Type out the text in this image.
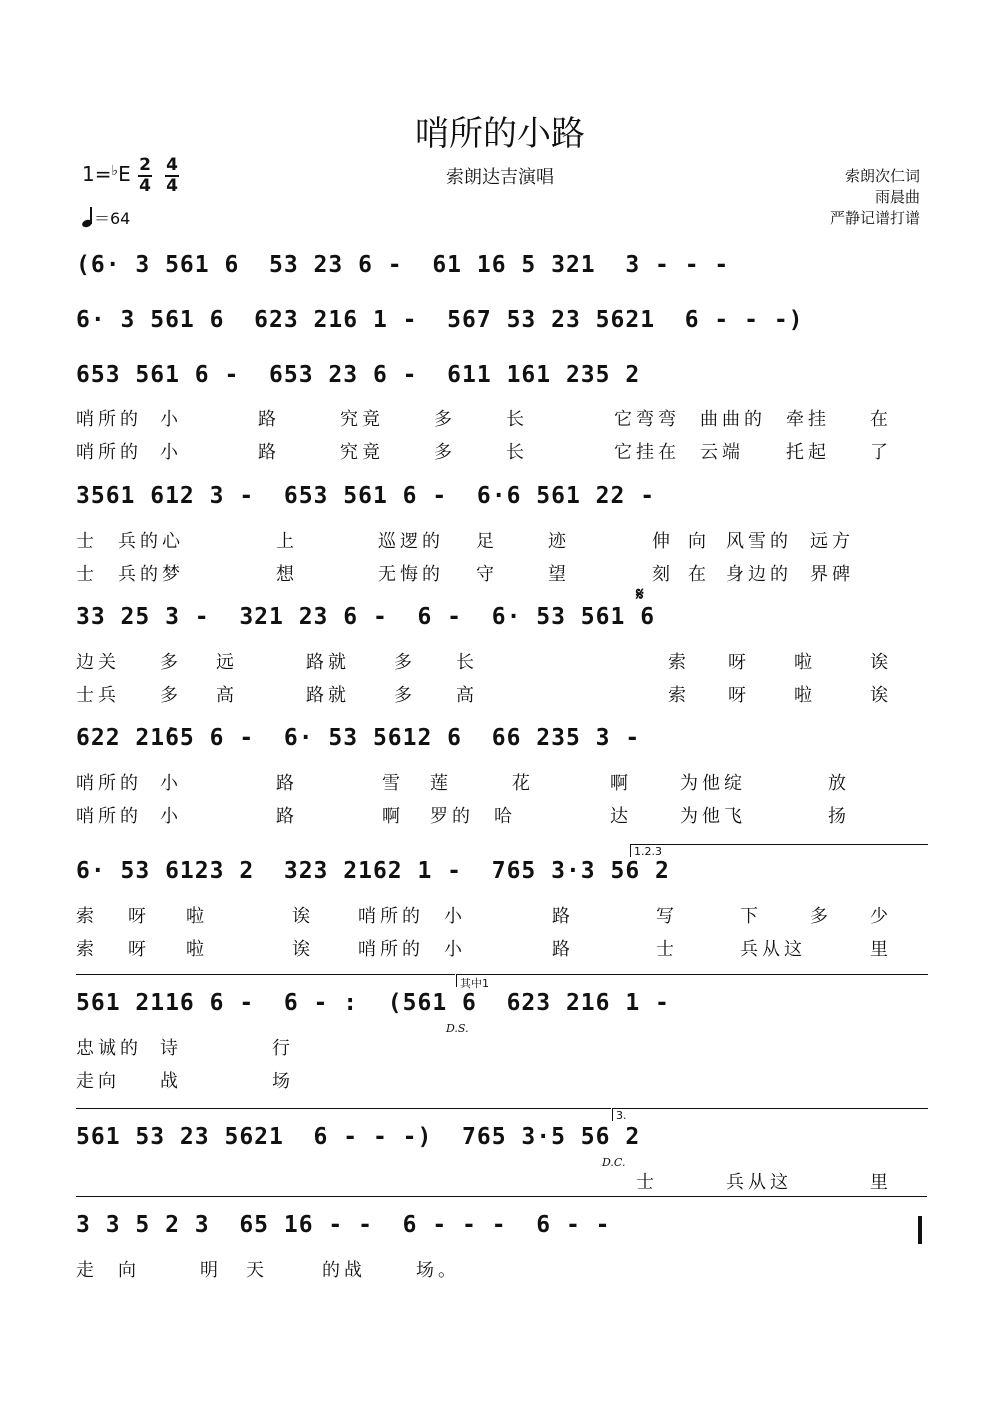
哨所的小路
索朗达吉演唱
$1=^♭E \frac{2}{4} \frac{4}{4}$
＝64
索朗次仁词
雨晨曲
严静记谱打谱
(6· 3 561 6  53 23 6 -  61 16 5 321  3 - - -
6· 3 561 6  623 216 1 -  567 53 23 5621  6 - - -)
653 561 6 -  653 23 6 -  611 161 235 2
哨所的 小	路	究竟	多	长	它弯弯 曲曲的 牵挂 在
哨所的 小	路	究竟	多	长	它挂在 云端 托起 了
3561 612 3 -  653 561 6 -  6·6 561 22 -
士 兵的心	上	巡逻的 足	迹	伸 向 风雪的 远方
士 兵的梦	想	无悔的 守	望	刻 在 身边的 界碑
𝄋
33 25 3 -  321 23 6 -  6 -  6· 53 561 6
边关 多 远	路就 多 长	索 呀 啦	诶
士兵 多 高	路就 多 高	索 呀 啦	诶
622 21̇65 6 -  6· 53 5612 6  66 235 3 -
哨所的 小	路	雪 莲	花	啊	为他绽	放
哨所的 小	路	啊 罗的 哈	达	为他飞	扬
1.2.3
6· 53 6123 2  323 2162 1 -  765 3·3 56 2
索 呀 啦	诶 哨所的 小	路	写	下	多 少
索 呀 啦	诶 哨所的 小	路	士	兵从这	里
其中1
561 2116 6 -  6 - :  (561 6  623 216 1 -
D.S.
忠诚的 诗	行
走向 战	场
3.
561 53 23 5621  6 - - -)  765 3·5 56 2
D.C.
士	兵从这	里
3 3 5 2 3  65 16 - -  6 - - -  6 - -
走 向	明 天	的战	场。
